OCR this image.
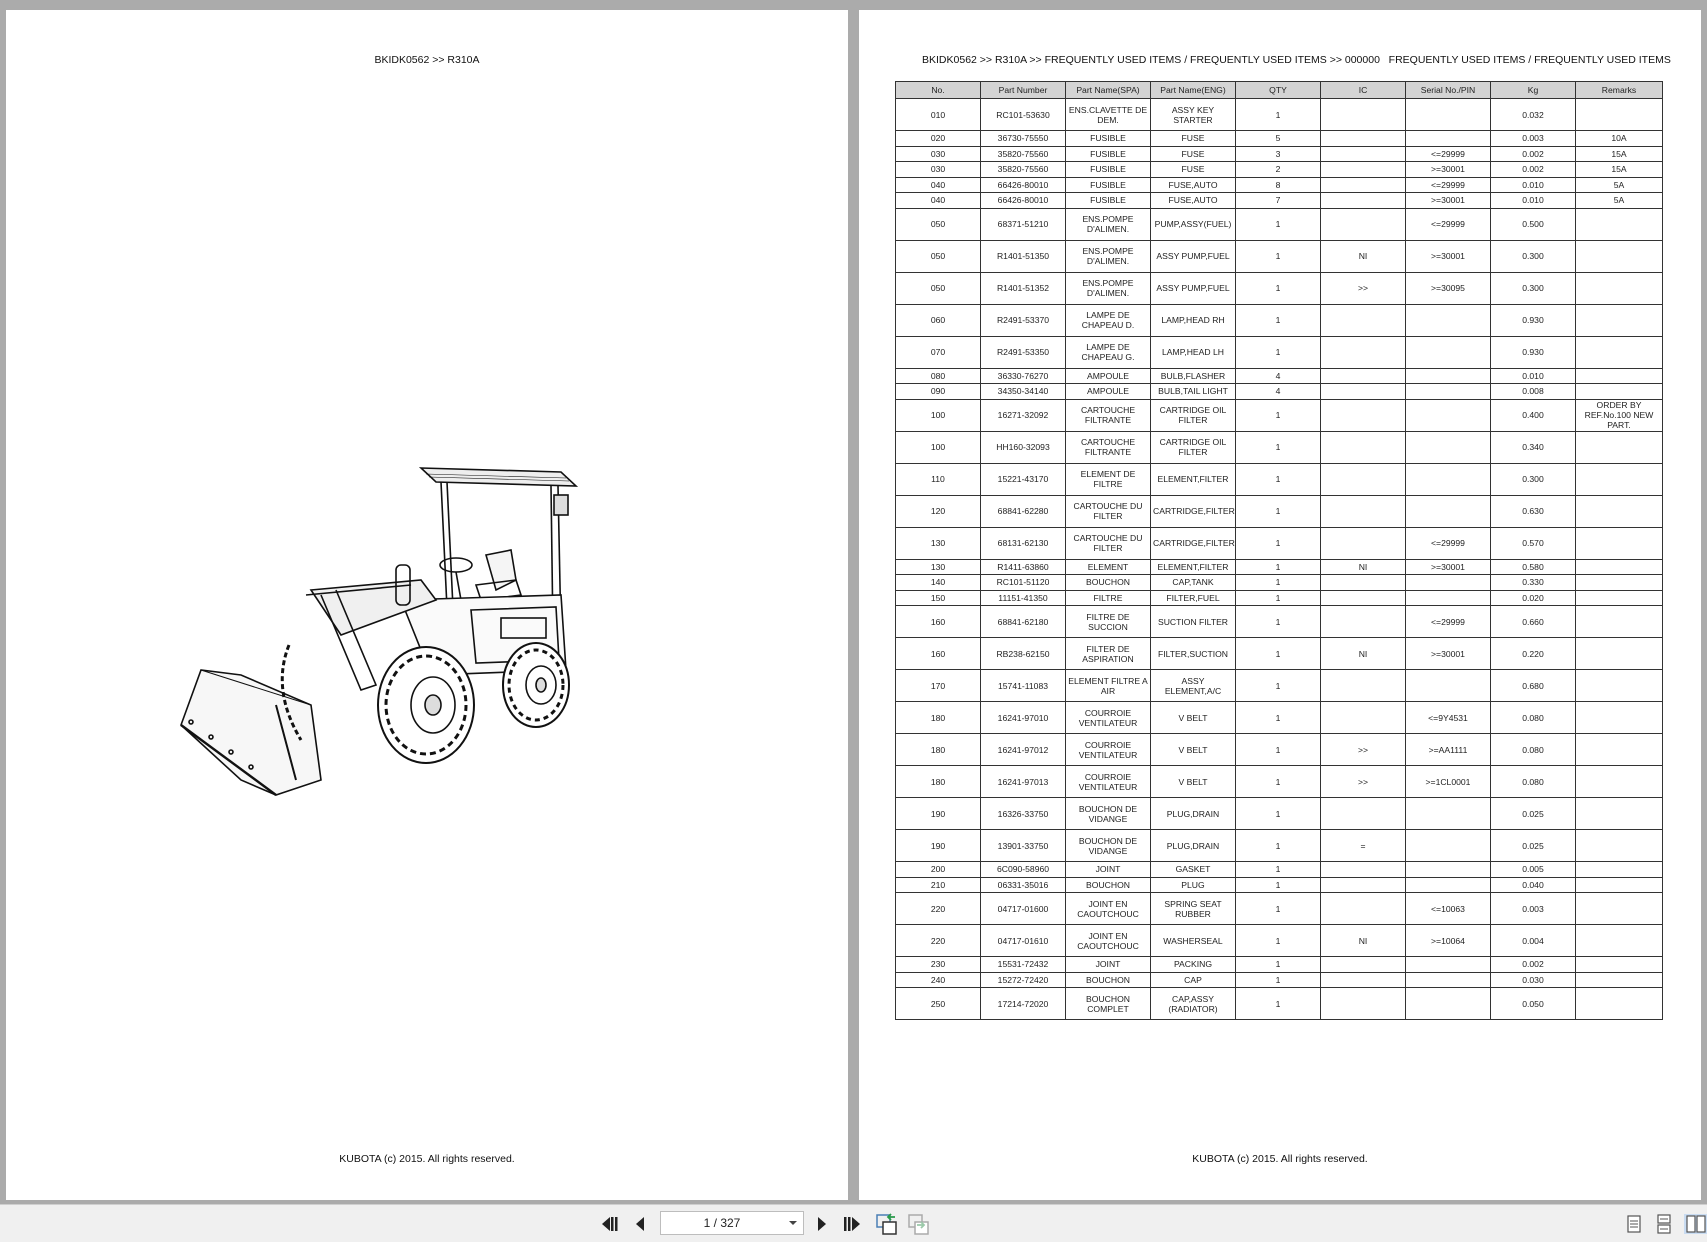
BKIDK0562 >> R310A
KUBOTA (c) 2015. All rights reserved.
BKIDK0562 >> R310A >> FREQUENTLY USED ITEMS / FREQUENTLY USED ITEMS >> 000000   FREQUENTLY USED ITEMS / FREQUENTLY USED ITEMS
No.	Part Number	Part Name(SPA)	Part Name(ENG)	QTY	IC	Serial No./PIN	Kg	Remarks
010	RC101-53630	ENS.CLAVETTE DE DEM.	ASSY KEY STARTER	1			0.032	
020	36730-75550	FUSIBLE	FUSE	5			0.003	10A
030	35820-75560	FUSIBLE	FUSE	3		<=29999	0.002	15A
030	35820-75560	FUSIBLE	FUSE	2		>=30001	0.002	15A
040	66426-80010	FUSIBLE	FUSE,AUTO	8		<=29999	0.010	5A
040	66426-80010	FUSIBLE	FUSE,AUTO	7		>=30001	0.010	5A
050	68371-51210	ENS.POMPE D'ALIMEN.	PUMP,ASSY(FUEL)	1		<=29999	0.500	
050	R1401-51350	ENS.POMPE D'ALIMEN.	ASSY PUMP,FUEL	1	NI	>=30001	0.300	
050	R1401-51352	ENS.POMPE D'ALIMEN.	ASSY PUMP,FUEL	1	>>	>=30095	0.300	
060	R2491-53370	LAMPE DE CHAPEAU D.	LAMP,HEAD RH	1			0.930	
070	R2491-53350	LAMPE DE CHAPEAU G.	LAMP,HEAD LH	1			0.930	
080	36330-76270	AMPOULE	BULB,FLASHER	4			0.010	
090	34350-34140	AMPOULE	BULB,TAIL LIGHT	4			0.008	
100	16271-32092	CARTOUCHE FILTRANTE	CARTRIDGE OIL FILTER	1			0.400	ORDER BY REF.No.100 NEW PART.
100	HH160-32093	CARTOUCHE FILTRANTE	CARTRIDGE OIL FILTER	1			0.340	
110	15221-43170	ELEMENT DE FILTRE	ELEMENT,FILTER	1			0.300	
120	68841-62280	CARTOUCHE DU FILTER	CARTRIDGE,FILTER	1			0.630	
130	68131-62130	CARTOUCHE DU FILTER	CARTRIDGE,FILTER	1		<=29999	0.570	
130	R1411-63860	ELEMENT	ELEMENT,FILTER	1	NI	>=30001	0.580	
140	RC101-51120	BOUCHON	CAP,TANK	1			0.330	
150	11151-41350	FILTRE	FILTER,FUEL	1			0.020	
160	68841-62180	FILTRE DE SUCCION	SUCTION FILTER	1		<=29999	0.660	
160	RB238-62150	FILTER DE ASPIRATION	FILTER,SUCTION	1	NI	>=30001	0.220	
170	15741-11083	ELEMENT FILTRE A AIR	ASSY ELEMENT,A/C	1			0.680	
180	16241-97010	COURROIE VENTILATEUR	V BELT	1		<=9Y4531	0.080	
180	16241-97012	COURROIE VENTILATEUR	V BELT	1	>>	>=AA1111	0.080	
180	16241-97013	COURROIE VENTILATEUR	V BELT	1	>>	>=1CL0001	0.080	
190	16326-33750	BOUCHON DE VIDANGE	PLUG,DRAIN	1			0.025	
190	13901-33750	BOUCHON DE VIDANGE	PLUG,DRAIN	1	=		0.025	
200	6C090-58960	JOINT	GASKET	1			0.005	
210	06331-35016	BOUCHON	PLUG	1			0.040	
220	04717-01600	JOINT EN CAOUTCHOUC	SPRING SEAT RUBBER	1		<=10063	0.003	
220	04717-01610	JOINT EN CAOUTCHOUC	WASHERSEAL	1	NI	>=10064	0.004	
230	15531-72432	JOINT	PACKING	1			0.002	
240	15272-72420	BOUCHON	CAP	1			0.030	
250	17214-72020	BOUCHON COMPLET	CAP,ASSY (RADIATOR)	1			0.050	
KUBOTA (c) 2015. All rights reserved.
1 / 327
